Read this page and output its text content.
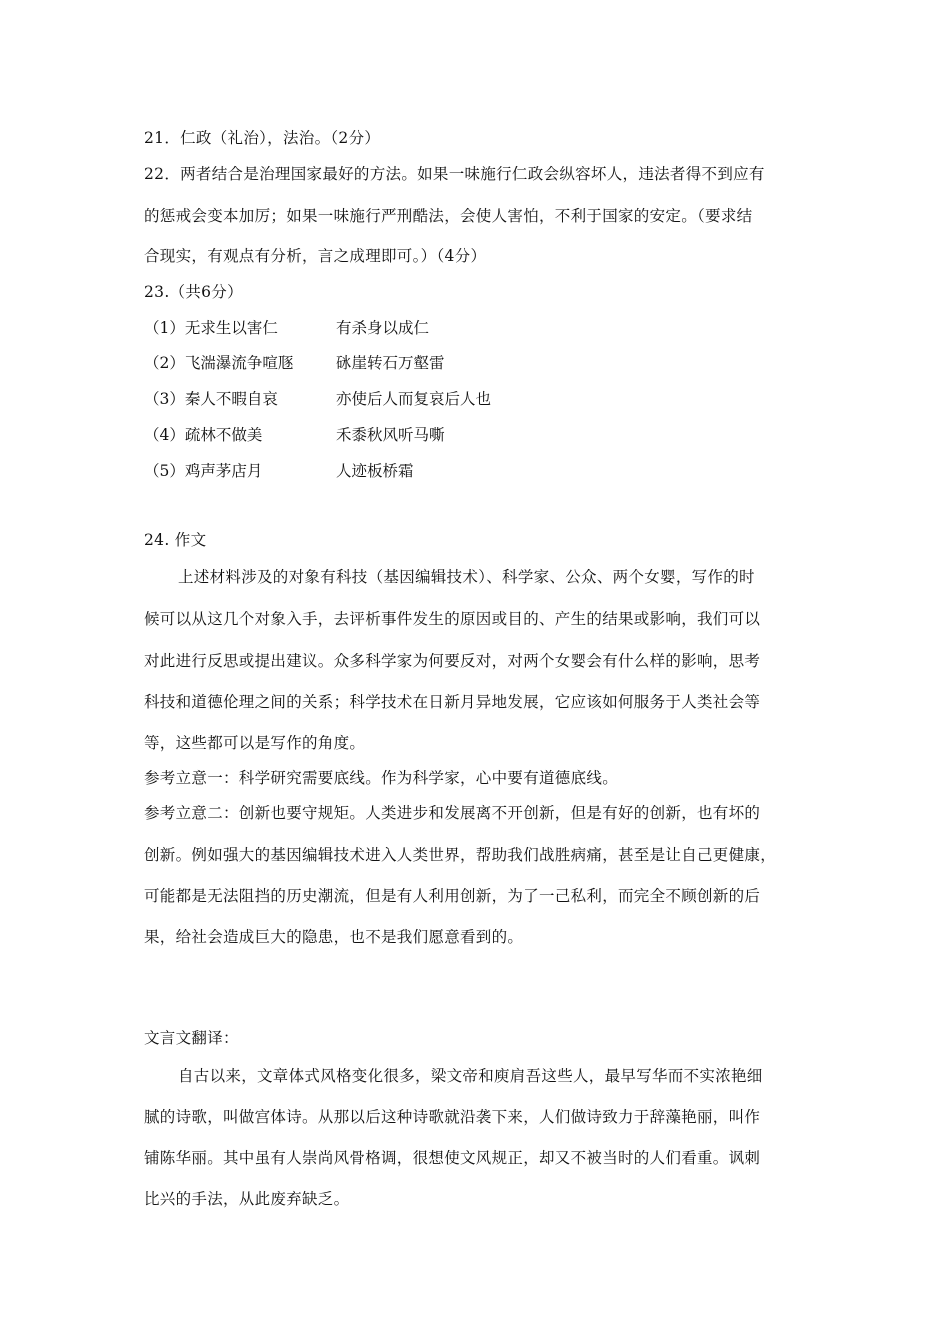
21．仁政（礼治），法治。（2分）
22．两者结合是治理国家最好的方法。如果一味施行仁政会纵容坏人，违法者得不到应有
的惩戒会变本加厉；如果一味施行严刑酷法，会使人害怕，不利于国家的安定。（要求结
合现实，有观点有分析，言之成理即可。）（4分）
23.（共6分）
（1）无求生以害仁	有杀身以成仁
（2）飞湍瀑流争喧豗	砯崖转石万壑雷
（3）秦人不暇自哀	亦使后人而复哀后人也
（4）疏林不做美	禾黍秋风听马嘶
（5）鸡声茅店月	人迹板桥霜
24. 作文
上述材料涉及的对象有科技（基因编辑技术）、科学家、公众、两个女婴，写作的时
候可以从这几个对象入手，去评析事件发生的原因或目的、产生的结果或影响，我们可以
对此进行反思或提出建议。众多科学家为何要反对，对两个女婴会有什么样的影响，思考
科技和道德伦理之间的关系；科学技术在日新月异地发展，它应该如何服务于人类社会等
等，这些都可以是写作的角度。
参考立意一：科学研究需要底线。作为科学家，心中要有道德底线。
参考立意二：创新也要守规矩。人类进步和发展离不开创新，但是有好的创新，也有坏的
创新。例如强大的基因编辑技术进入人类世界，帮助我们战胜病痛，甚至是让自己更健康，
可能都是无法阻挡的历史潮流，但是有人利用创新，为了一己私利，而完全不顾创新的后
果，给社会造成巨大的隐患，也不是我们愿意看到的。
文言文翻译：
自古以来，文章体式风格变化很多，梁文帝和庾肩吾这些人，最早写华而不实浓艳细
腻的诗歌，叫做宫体诗。从那以后这种诗歌就沿袭下来，人们做诗致力于辞藻艳丽，叫作
铺陈华丽。其中虽有人崇尚风骨格调，很想使文风规正，却又不被当时的人们看重。讽刺
比兴的手法，从此废弃缺乏。
